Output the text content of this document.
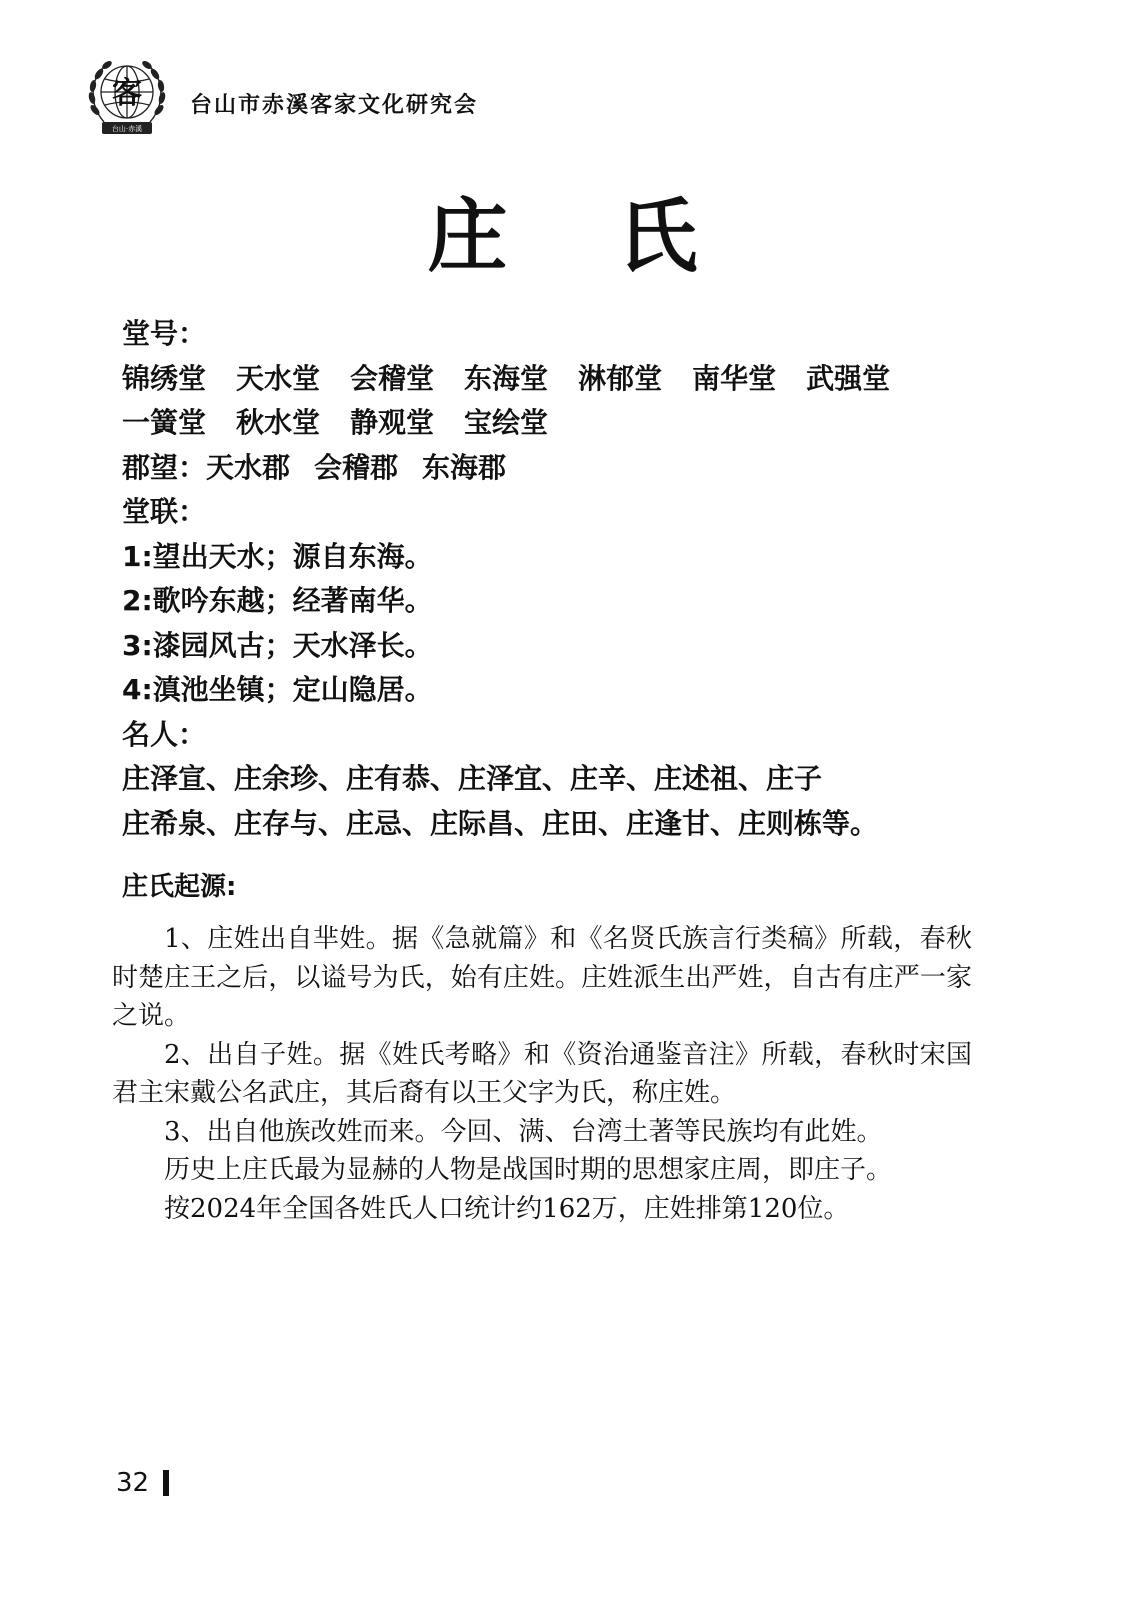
客
台山·赤溪
台山市赤溪客家文化研究会
庄 氏
堂号：
锦绣堂 天水堂 会稽堂 东海堂 淋郁堂 南华堂 武强堂
一簧堂 秋水堂 静观堂 宝绘堂
郡望：天水郡 会稽郡 东海郡
堂联：
1:望出天水；源自东海。
2:歌吟东越；经著南华。
3:漆园风古；天水泽长。
4:滇池坐镇；定山隐居。
名人：
庄泽宣、庄余珍、庄有恭、庄泽宜、庄辛、庄述祖、庄子
庄希泉、庄存与、庄忌、庄际昌、庄田、庄逢甘、庄则栋等。
庄氏起源:

1、庄姓出自芈姓。据《急就篇》和《名贤氏族言行类稿》所载，春秋时楚庄王之后，以谥号为氏，始有庄姓。庄姓派生出严姓，自古有庄严一家之说。

2、出自子姓。据《姓氏考略》和《资治通鉴音注》所载，春秋时宋国君主宋戴公名武庄，其后裔有以王父字为氏，称庄姓。

3、出自他族改姓而来。今回、满、台湾土著等民族均有此姓。

历史上庄氏最为显赫的人物是战国时期的思想家庄周，即庄子。

按2024年全国各姓氏人口统计约162万，庄姓排第120位。

32
